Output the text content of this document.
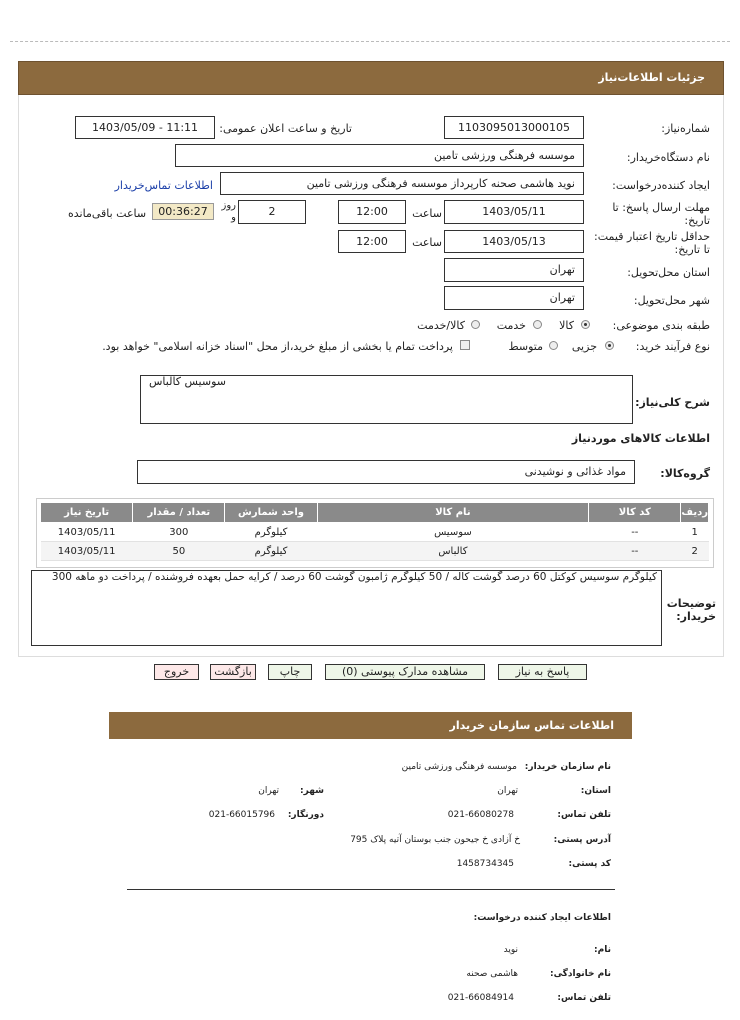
جزئیات اطلاعات‌نیاز
شماره‌نیاز:
1103095013000105
تاریخ و ساعت اعلان عمومی:
1403/05/09 - 11:11
نام دستگاه‌خریدار:
موسسه فرهنگی ورزشی تامین
ایجاد کننده‌درخواست:
نوید هاشمی صحنه کارپرداز موسسه فرهنگی ورزشی تامین
اطلاعات تماس‌خریدار
مهلت ارسال پاسخ: تا تاریخ:
1403/05/11
ساعت
12:00
2
روز و
00:36:27
ساعت باقی‌مانده
حداقل تاریخ اعتبار قیمت: تا تاریخ:
1403/05/13
ساعت
12:00
استان محل‌تحویل:
تهران
شهر محل‌تحویل:
تهران
طبقه بندی موضوعی:
کالا
خدمت
کالا/خدمت
نوع فرآیند خرید:
جزیی
متوسط
پرداخت تمام یا بخشی از مبلغ خرید،از محل "اسناد خزانه اسلامی" خواهد بود.
شرح کلی‌نیاز:
سوسیس کالباس
اطلاعات کالاهای موردنیاز
گروه‌کالا:
مواد غذائی و نوشیدنی
ردیف	کد کالا	نام کالا	واحد شمارش	تعداد / مقدار	تاریخ نیاز
1	--	سوسیس	کیلوگرم	300	1403/05/11
2	--	کالباس	کیلوگرم	50	1403/05/11
توضیحات خریدار:
کیلوگرم سوسیس کوکتل 60 درصد گوشت کاله / 50 کیلوگرم ژامبون گوشت 60 درصد / کرایه حمل بعهده فروشنده / پرداخت دو ماهه 300
پاسخ به نیاز
مشاهده مدارک پیوستی (0)
چاپ
بازگشت
خروج
اطلاعات تماس سازمان خریدار
نام سازمان خریدار:
موسسه فرهنگی ورزشی تامین
استان:
تهران
شهر:
تهران
تلفن تماس:
021-66080278
دورنگار:
021-66015796
آدرس پستی:
خ آزادی خ جیحون جنب بوستان آتیه پلاک 795
کد پستی:
1458734345
اطلاعات ایجاد کننده درخواست:
نام:
نوید
نام خانوادگی:
هاشمی صحنه
تلفن تماس:
021-66084914
